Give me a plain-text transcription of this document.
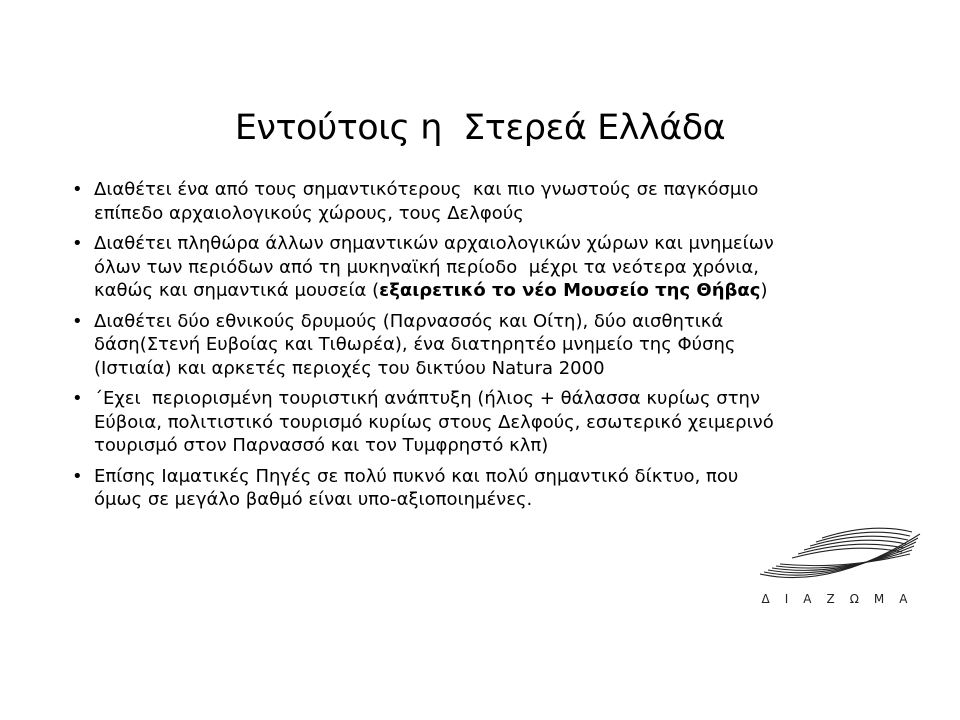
Εντούτοις η  Στερεά Ελλάδα
• Διαθέτει ένα από τους σημαντικότερους  και πιο γνωστούς σε παγκόσμιο
επίπεδο αρχαιολογικούς χώρους, τους Δελφούς
• Διαθέτει πληθώρα άλλων σημαντικών αρχαιολογικών χώρων και μνημείων
όλων των περιόδων από τη μυκηναϊκή περίοδο  μέχρι τα νεότερα χρόνια,
καθώς και σημαντικά μουσεία (εξαιρετικό το νέο Μουσείο της Θήβας)
• Διαθέτει δύο εθνικούς δρυμούς (Παρνασσός και Οίτη), δύο αισθητικά
δάση(Στενή Ευβοίας και Τιθωρέα), ένα διατηρητέο μνημείο της Φύσης
(Ιστιαία) και αρκετές περιοχές του δικτύου Natura 2000
• ΄Εχει  περιορισμένη τουριστική ανάπτυξη (ήλιος + θάλασσα κυρίως στην
Εύβοια, πολιτιστικό τουρισμό κυρίως στους Δελφούς, εσωτερικό χειμερινό
τουρισμό στον Παρνασσό και τον Τυμφρηστό κλπ)
• Επίσης Ιαματικές Πηγές σε πολύ πυκνό και πολύ σημαντικό δίκτυο, που
όμως σε μεγάλο βαθμό είναι υπο-αξιοποιημένες.
ΔΙΑΖΩΜΑ
